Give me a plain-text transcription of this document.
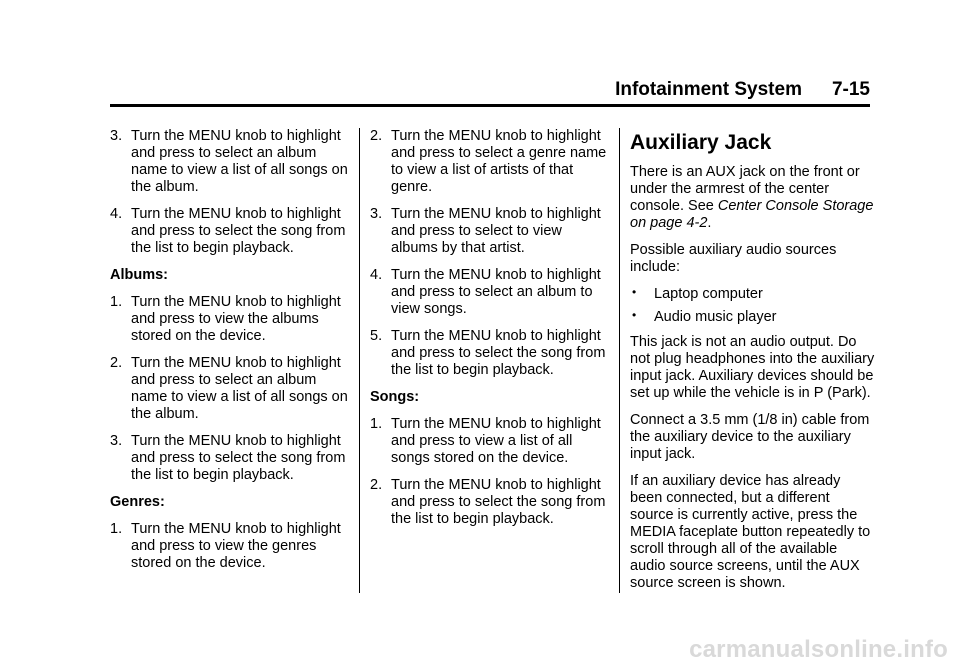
Infotainment System 7-15
3. Turn the MENU knob to highlight and press to select an album name to view a list of all songs on the album.
4. Turn the MENU knob to highlight and press to select the song from the list to begin playback.

Albums:

1. Turn the MENU knob to highlight and press to view the albums stored on the device.
2. Turn the MENU knob to highlight and press to select an album name to view a list of all songs on the album.
3. Turn the MENU knob to highlight and press to select the song from the list to begin playback.

Genres:

1. Turn the MENU knob to highlight and press to view the genres stored on the device.
2. Turn the MENU knob to highlight and press to select a genre name to view a list of artists of that genre.
3. Turn the MENU knob to highlight and press to select to view albums by that artist.
4. Turn the MENU knob to highlight and press to select an album to view songs.
5. Turn the MENU knob to highlight and press to select the song from the list to begin playback.

Songs:

1. Turn the MENU knob to highlight and press to view a list of all songs stored on the device.
2. Turn the MENU knob to highlight and press to select the song from the list to begin playback.
Auxiliary Jack

There is an AUX jack on the front or under the armrest of the center console. See Center Console Storage on page 4-2.

Possible auxiliary audio sources include:

• Laptop computer
• Audio music player

This jack is not an audio output. Do not plug headphones into the auxiliary input jack. Auxiliary devices should be set up while the vehicle is in P (Park).

Connect a 3.5 mm (1/8 in) cable from the auxiliary device to the auxiliary input jack.

If an auxiliary device has already been connected, but a different source is currently active, press the MEDIA faceplate button repeatedly to scroll through all of the available audio source screens, until the AUX source screen is shown.

carmanualsonline.info
